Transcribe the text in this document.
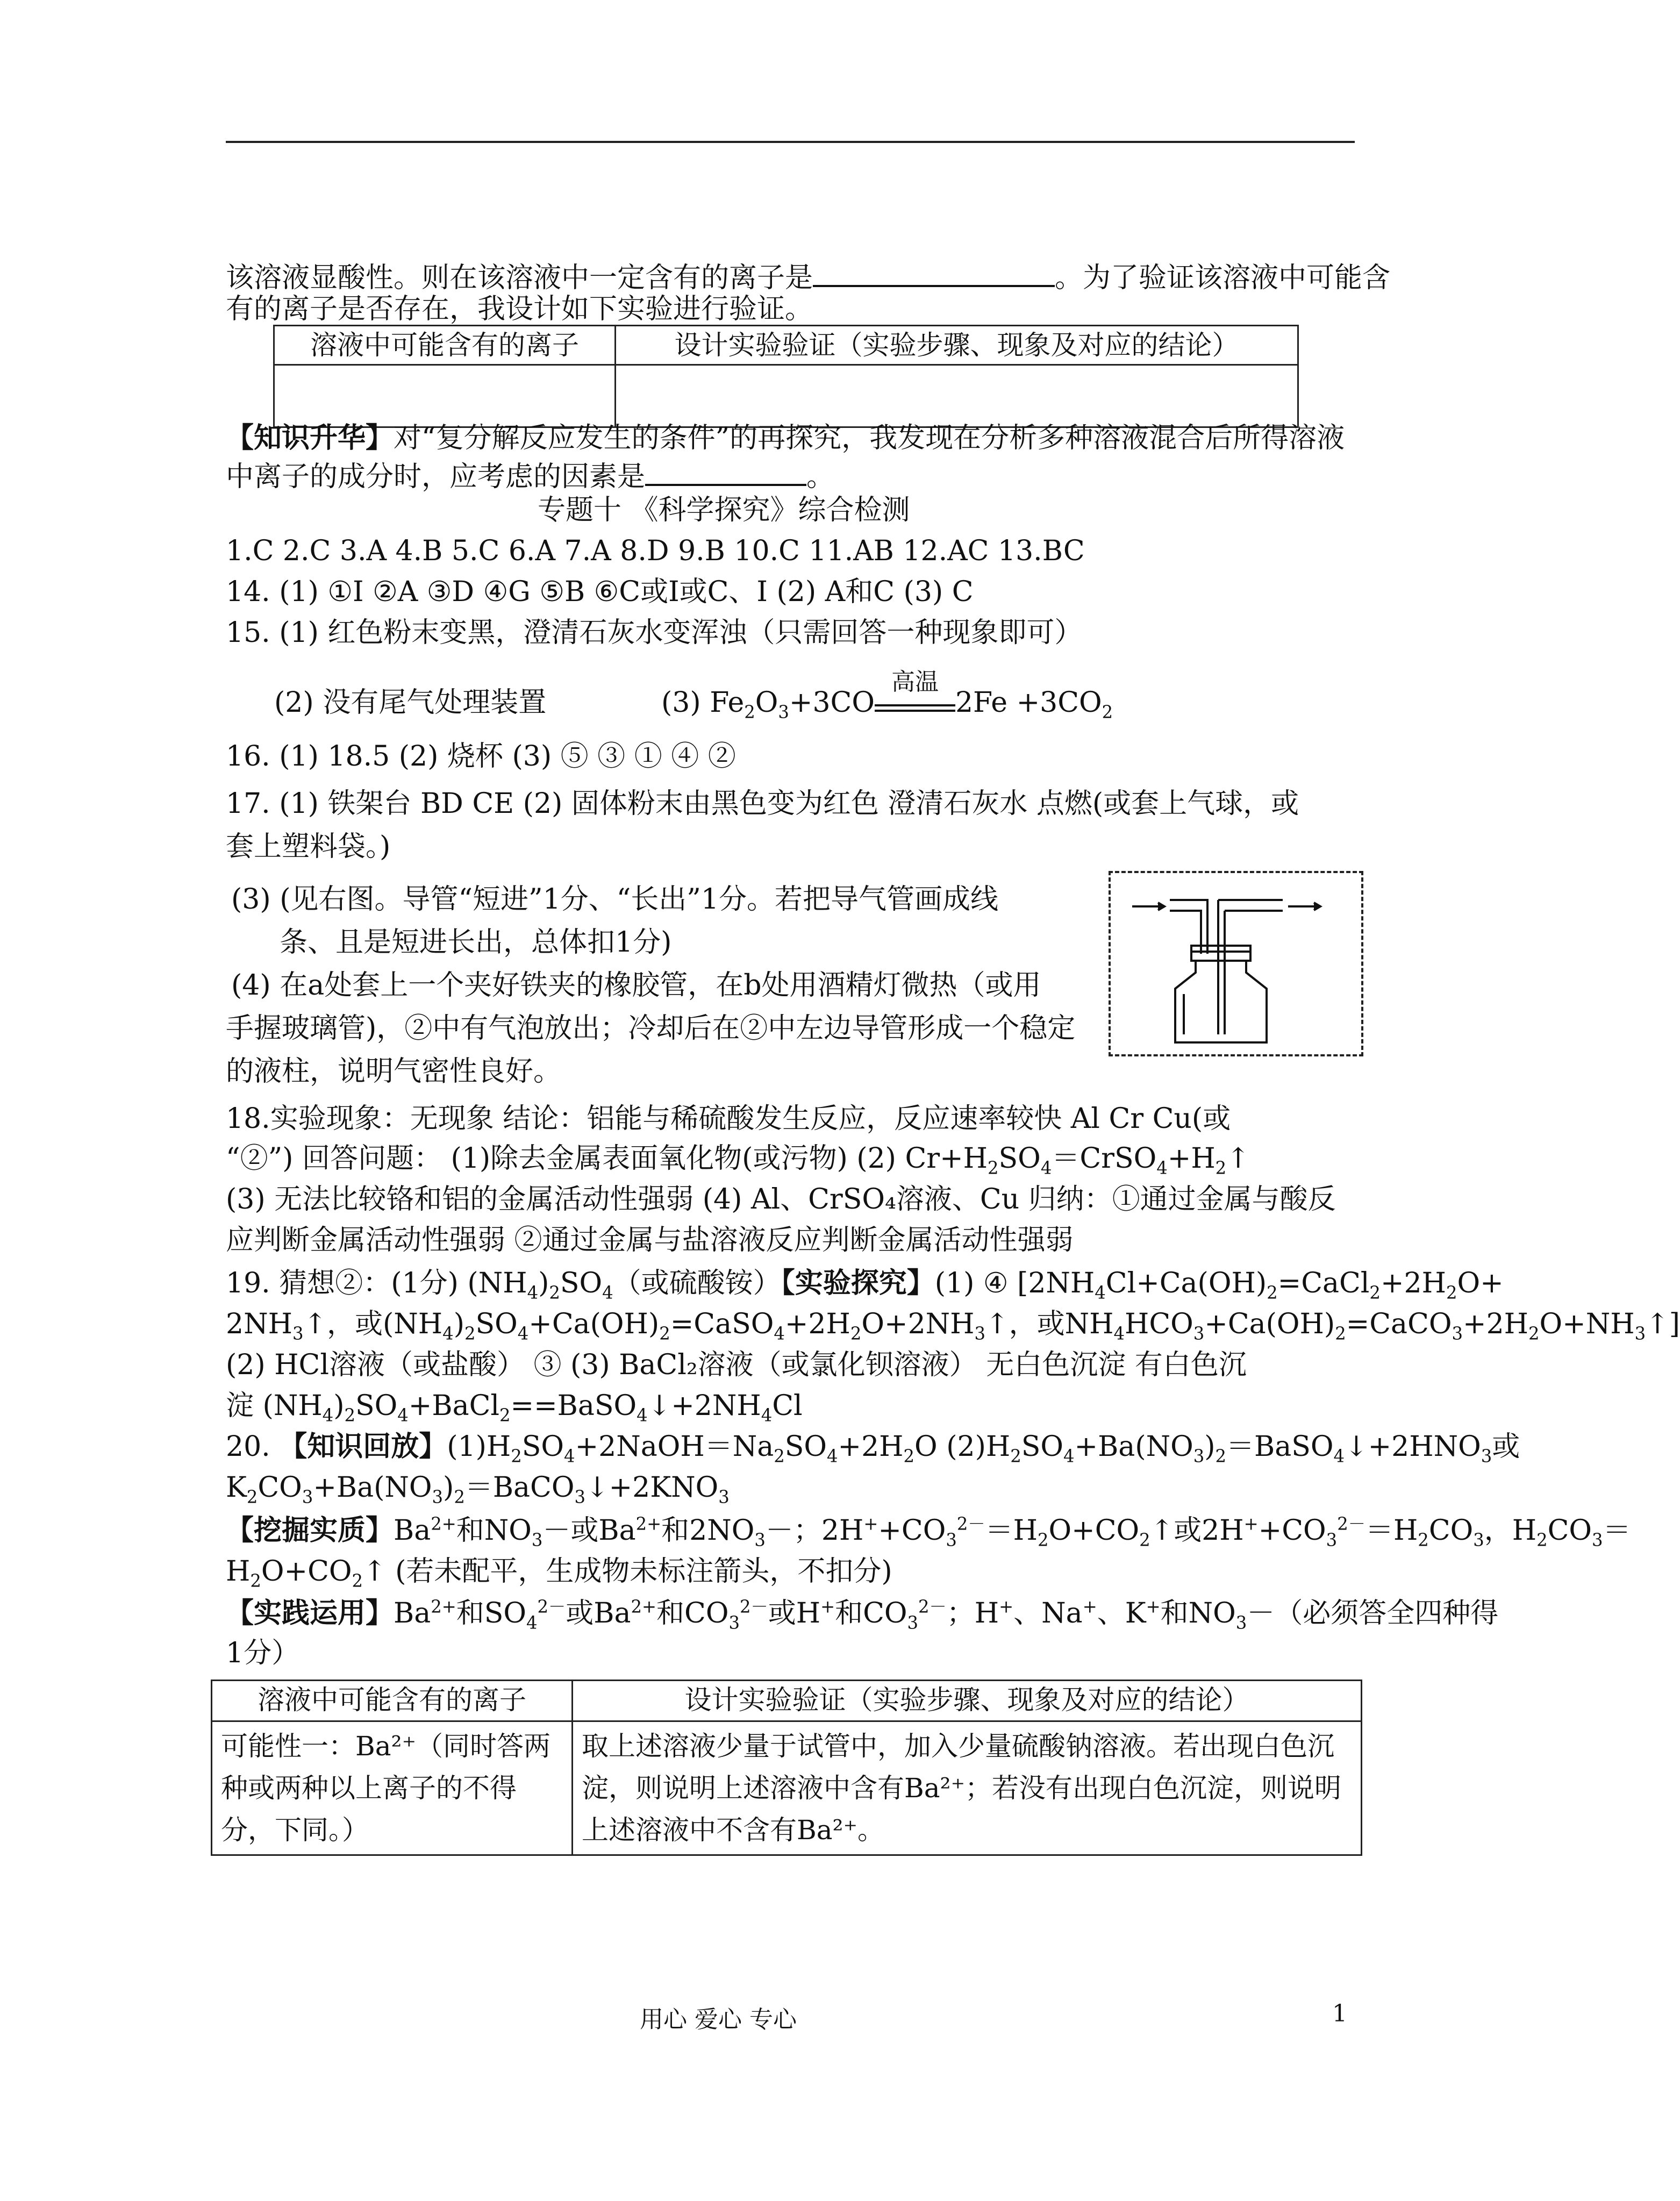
该溶液显酸性。则在该溶液中一定含有的离子是	。为了验证该溶液中可能含
有的离子是否存在，我设计如下实验进行验证。
溶液中可能含有的离子	设计实验验证（实验步骤、现象及对应的结论）

【知识升华】对“复分解反应发生的条件”的再探究，我发现在分析多种溶液混合后所得溶液
中离子的成分时，应考虑的因素是	。
专题十 《科学探究》综合检测
1.C 2.C 3.A 4.B 5.C 6.A 7.A 8.D 9.B 10.C 11.AB 12.AC 13.BC
14. (1) ①I ②A ③D ④G ⑤B ⑥C或I或C、I (2) A和C (3) C
15. (1) 红色粉末变黑，澄清石灰水变浑浊（只需回答一种现象即可）
(2) 没有尾气处理装置	(3) $Fe_2O_3+3CO$
高温
$2Fe +3CO_2$
16. (1) 18.5 (2) 烧杯 (3) ⑤ ③ ① ④ ②
17. (1) 铁架台 BD CE (2) 固体粉末由黑色变为红色 澄清石灰水 点燃(或套上气球，或
套上塑料袋。)
(3) (见右图。导管“短进”1分、“长出”1分。若把导气管画成线
条、且是短进长出，总体扣1分)
(4) 在a处套上一个夹好铁夹的橡胶管，在b处用酒精灯微热（或用
手握玻璃管)，②中有气泡放出；冷却后在②中左边导管形成一个稳定
的液柱，说明气密性良好。
18.实验现象：无现象 结论：铝能与稀硫酸发生反应，反应速率较快 Al Cr Cu(或
“②”) 回答问题： (1)除去金属表面氧化物(或污物) (2) $Cr+H_2SO_4=CrSO_4+H_2↑$
(3) 无法比较铬和铝的金属活动性强弱 (4) Al、CrSO₄溶液、Cu 归纳：①通过金属与酸反
应判断金属活动性强弱 ②通过金属与盐溶液反应判断金属活动性强弱
19. 猜想②：(1分) $(NH_4)_2SO_4$（或硫酸铵）【实验探究】(1) ④ [$2NH_4Cl+Ca(OH)_2=CaCl_2+2H_2O+$
$2NH_3↑$，或$(NH_4)_2SO_4+Ca(OH)_2=CaSO_4+2H_2O+2NH_3↑$，或$NH_4HCO_3+Ca(OH)_2=CaCO_3+2H_2O+NH_3↑$]
(2) HCl溶液（或盐酸） ③ (3) BaCl₂溶液（或氯化钡溶液） 无白色沉淀 有白色沉
淀 $(NH_4)_2SO_4+BaCl_2==BaSO_4↓+2NH_4Cl$
20. 【知识回放】$(1)H_2SO_4+2NaOH=Na_2SO_4+2H_2O$ $(2)H_2SO_4+Ba(NO_3)_2=BaSO_4↓+2HNO_3$或
$K_2CO_3+Ba(NO_3)_2=BaCO_3↓+2KNO_3$
【挖掘实质】$Ba^{2+}$和$NO_3-$或$Ba^{2+}$和$2NO_3-$；$2H^++CO_3^{2-}=H_2O+CO_2↑$或$2H^++CO_3^{2-}=H_2CO_3$，$H_2CO_3=$
$H_2O+CO_2↑$ (若未配平，生成物未标注箭头，不扣分)
【实践运用】$Ba^{2+}$和$SO_4^{2-}$或$Ba^{2+}$和$CO_3^{2-}$或H+和$CO_3^{2-}$；H+、Na+、K+和$NO_3-$（必须答全四种得
1分）
溶液中可能含有的离子	设计实验验证（实验步骤、现象及对应的结论）
可能性一：Ba²⁺（同时答两种或两种以上离子的不得分，下同。）	取上述溶液少量于试管中，加入少量硫酸钠溶液。若出现白色沉淀，则说明上述溶液中含有Ba²⁺；若没有出现白色沉淀，则说明上述溶液中不含有Ba²⁺。
用心 爱心 专心	1
